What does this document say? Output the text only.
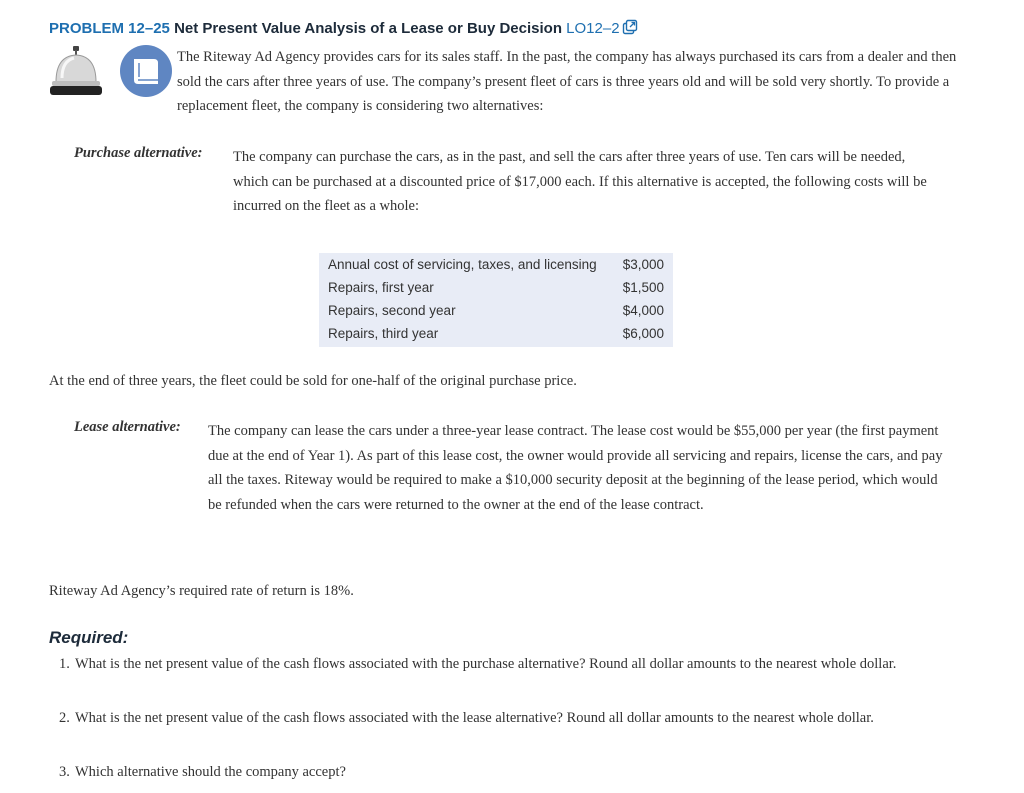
PROBLEM 12–25 Net Present Value Analysis of a Lease or Buy Decision LO12–2
The Riteway Ad Agency provides cars for its sales staff. In the past, the company has always purchased its cars from a dealer and then sold the cars after three years of use. The company’s present fleet of cars is three years old and will be sold very shortly. To provide a replacement fleet, the company is considering two alternatives:
Purchase alternative: The company can purchase the cars, as in the past, and sell the cars after three years of use. Ten cars will be needed, which can be purchased at a discounted price of $17,000 each. If this alternative is accepted, the following costs will be incurred on the fleet as a whole:
Annual cost of servicing, taxes, and licensing $3,000
Repairs, first year	$1,500
Repairs, second year	$4,000
Repairs, third year	$6,000
At the end of three years, the fleet could be sold for one-half of the original purchase price.
Lease alternative: The company can lease the cars under a three-year lease contract. The lease cost would be $55,000 per year (the first payment due at the end of Year 1). As part of this lease cost, the owner would provide all servicing and repairs, license the cars, and pay all the taxes. Riteway would be required to make a $10,000 security deposit at the beginning of the lease period, which would be refunded when the cars were returned to the owner at the end of the lease contract.
Riteway Ad Agency’s required rate of return is 18%.
Required:
1. What is the net present value of the cash flows associated with the purchase alternative? Round all dollar amounts to the nearest whole dollar.
2. What is the net present value of the cash flows associated with the lease alternative? Round all dollar amounts to the nearest whole dollar.
3. Which alternative should the company accept?
